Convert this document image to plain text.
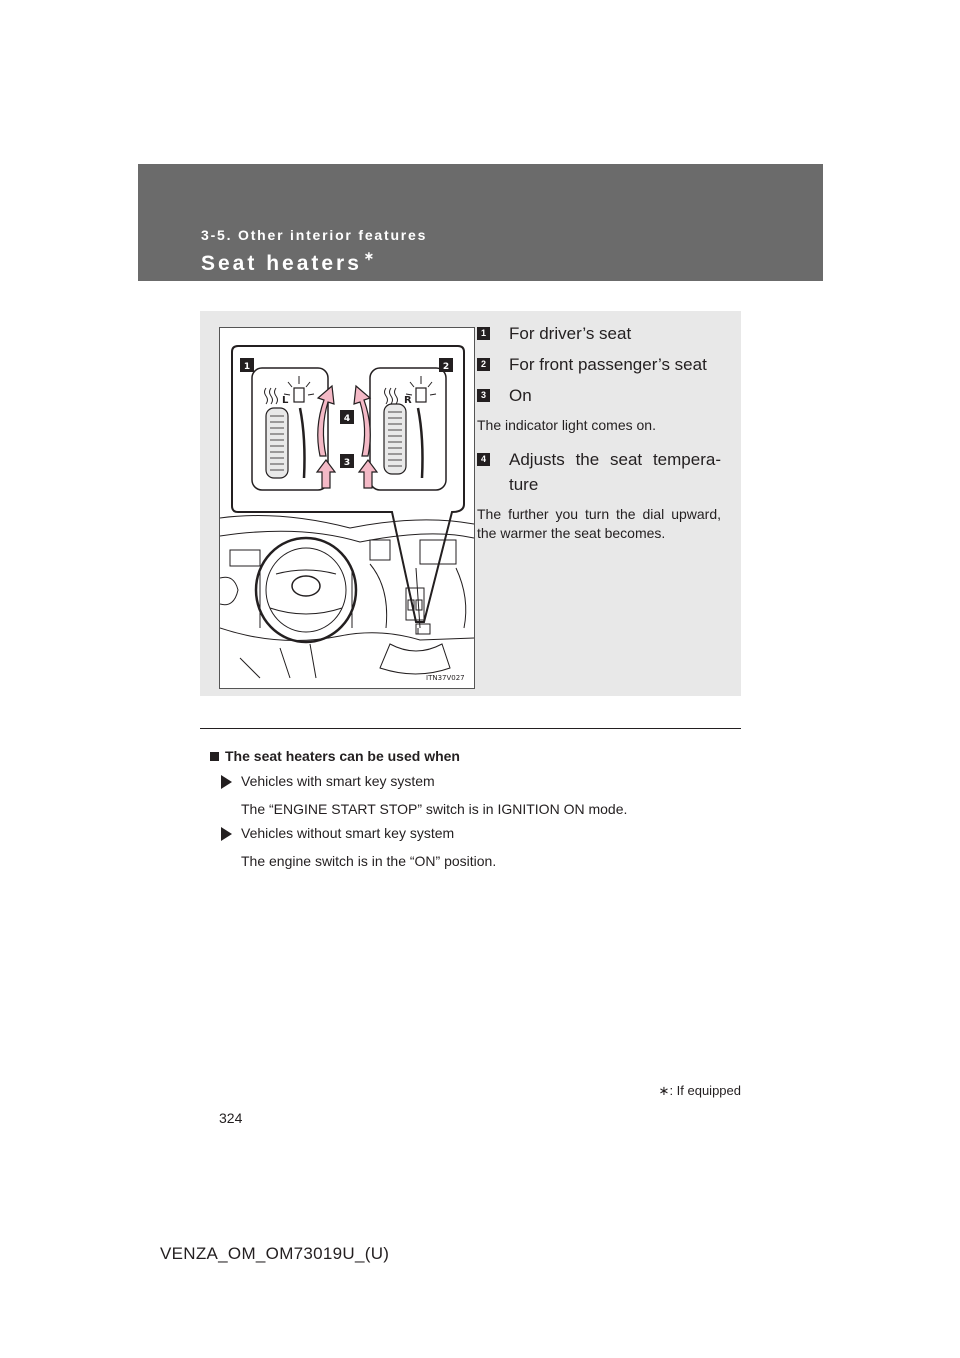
3-5. Other interior features
Seat heaters ∗
L	R
1	2
3
4
ITN37V027
1 For driver’s seat
2 For front passenger’s seat
3 On
The indicator light comes on.
4 Adjusts the seat tempera-ture
The further you turn the dial upward, the warmer the seat becomes.
The seat heaters can be used when
Vehicles with smart key system
The “ENGINE START STOP” switch is in IGNITION ON mode.
Vehicles without smart key system
The engine switch is in the “ON” position.
∗: If equipped
324
VENZA_OM_OM73019U_(U)
